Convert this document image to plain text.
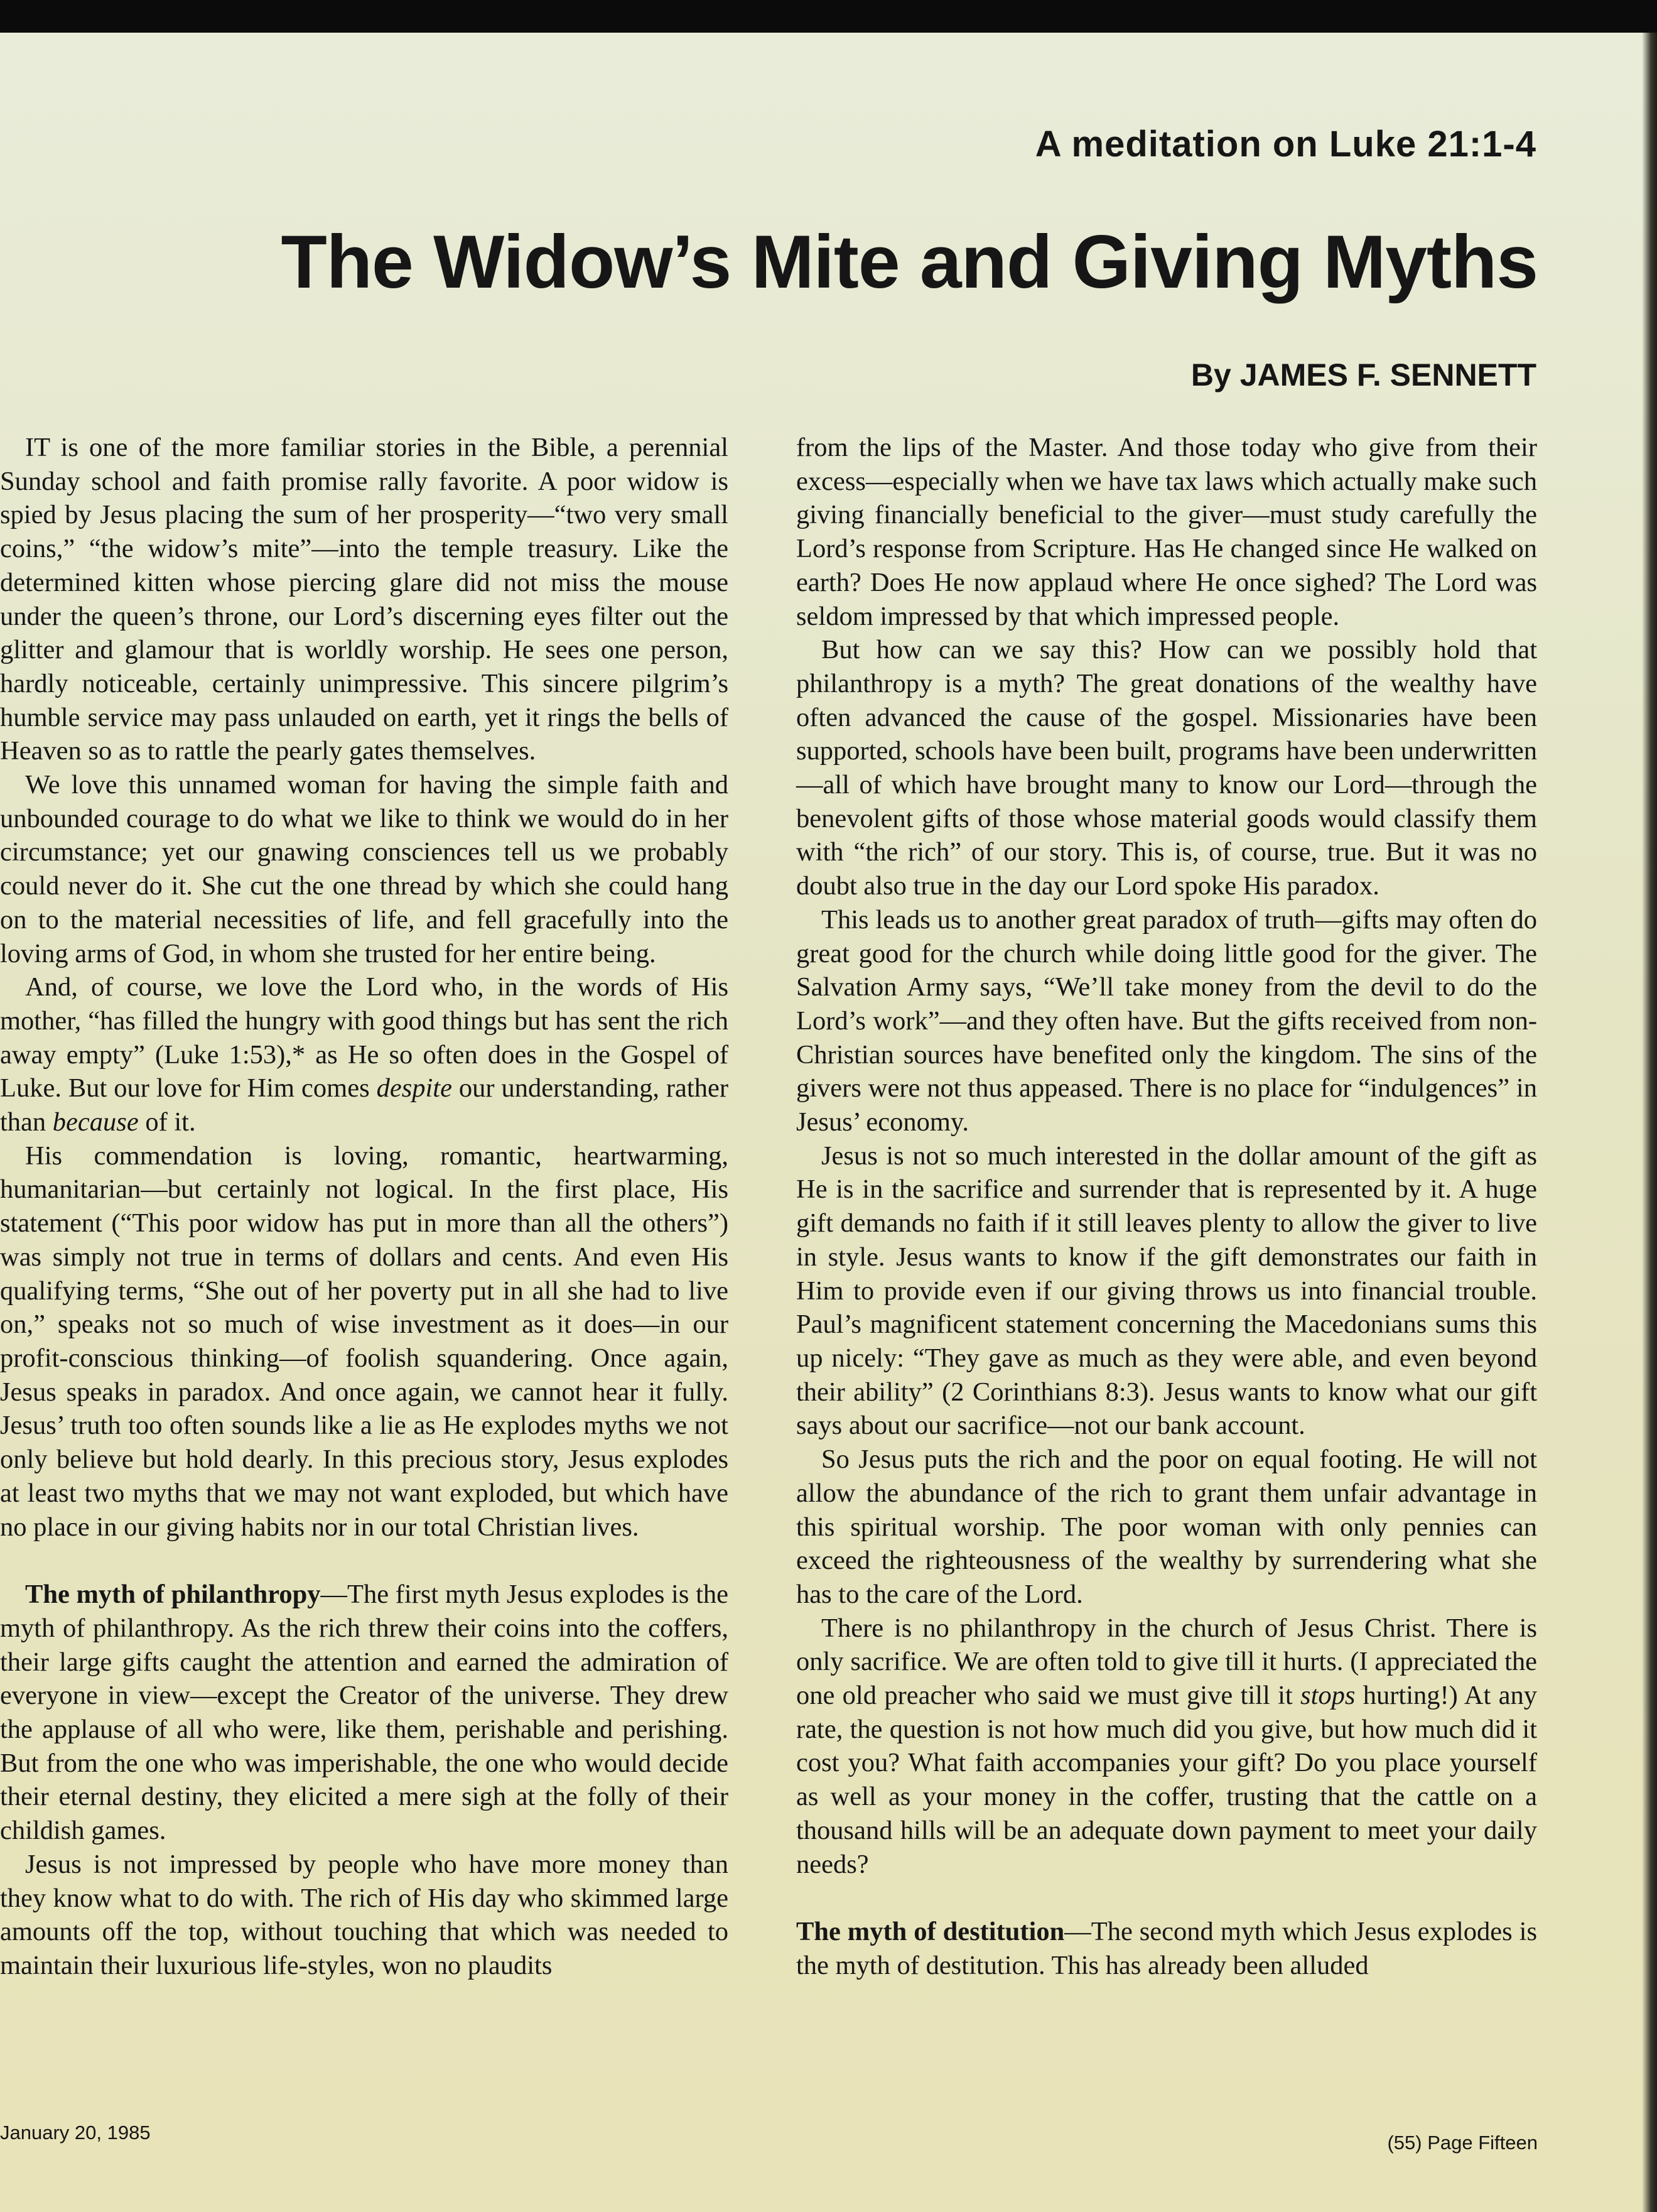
A meditation on Luke 21:1-4
The Widow’s Mite and Giving Myths
By JAMES F. SENNETT

IT is one of the more familiar stories in the Bible, a perennial Sunday school and faith promise rally favorite. A poor widow is spied by Jesus placing the sum of her prosperity—“two very small coins,” “the widow’s mite”—into the temple treasury. Like the determined kitten whose piercing glare did not miss the mouse under the queen’s throne, our Lord’s discerning eyes filter out the glitter and glamour that is worldly worship. He sees one person, hardly noticeable, certainly unimpressive. This sincere pilgrim’s humble service may pass unlauded on earth, yet it rings the bells of Heaven so as to rattle the pearly gates themselves.

We love this unnamed woman for having the simple faith and unbounded courage to do what we like to think we would do in her circumstance; yet our gnawing consciences tell us we probably could never do it. She cut the one thread by which she could hang on to the material necessities of life, and fell gracefully into the loving arms of God, in whom she trusted for her entire being.

And, of course, we love the Lord who, in the words of His mother, “has filled the hungry with good things but has sent the rich away empty” (Luke 1:53),* as He so often does in the Gospel of Luke. But our love for Him comes despite our understanding, rather than because of it.

His commendation is loving, romantic, heartwarming, humanitarian—but certainly not logical. In the first place, His statement (“This poor widow has put in more than all the others”) was simply not true in terms of dollars and cents. And even His qualifying terms, “She out of her poverty put in all she had to live on,” speaks not so much of wise investment as it does—in our profit-conscious thinking—of foolish squandering. Once again, Jesus speaks in paradox. And once again, we cannot hear it fully. Jesus’ truth too often sounds like a lie as He explodes myths we not only believe but hold dearly. In this precious story, Jesus explodes at least two myths that we may not want exploded, but which have no place in our giving habits nor in our total Christian lives.

The myth of philanthropy—The first myth Jesus explodes is the myth of philanthropy. As the rich threw their coins into the coffers, their large gifts caught the attention and earned the admiration of everyone in view—except the Creator of the universe. They drew the applause of all who were, like them, perishable and perishing. But from the one who was imperishable, the one who would decide their eternal destiny, they elicited a mere sigh at the folly of their childish games.

Jesus is not impressed by people who have more money than they know what to do with. The rich of His day who skimmed large amounts off the top, without touching that which was needed to maintain their luxurious life-styles, won no plaudits

from the lips of the Master. And those today who give from their excess—especially when we have tax laws which actually make such giving financially beneficial to the giver—must study carefully the Lord’s response from Scripture. Has He changed since He walked on earth? Does He now applaud where He once sighed? The Lord was seldom impressed by that which impressed people.

But how can we say this? How can we possibly hold that philanthropy is a myth? The great donations of the wealthy have often advanced the cause of the gospel. Missionaries have been supported, schools have been built, programs have been underwritten—all of which have brought many to know our Lord—through the benevolent gifts of those whose material goods would classify them with “the rich” of our story. This is, of course, true. But it was no doubt also true in the day our Lord spoke His paradox.

This leads us to another great paradox of truth—gifts may often do great good for the church while doing little good for the giver. The Salvation Army says, “We’ll take money from the devil to do the Lord’s work”—and they often have. But the gifts received from non-Christian sources have benefited only the kingdom. The sins of the givers were not thus appeased. There is no place for “indulgences” in Jesus’ economy.

Jesus is not so much interested in the dollar amount of the gift as He is in the sacrifice and surrender that is represented by it. A huge gift demands no faith if it still leaves plenty to allow the giver to live in style. Jesus wants to know if the gift demonstrates our faith in Him to provide even if our giving throws us into financial trouble. Paul’s magnificent statement concerning the Macedonians sums this up nicely: “They gave as much as they were able, and even beyond their ability” (2 Corinthians 8:3). Jesus wants to know what our gift says about our sacrifice—not our bank account.

So Jesus puts the rich and the poor on equal footing. He will not allow the abundance of the rich to grant them unfair advantage in this spiritual worship. The poor woman with only pennies can exceed the righteousness of the wealthy by surrendering what she has to the care of the Lord.

There is no philanthropy in the church of Jesus Christ. There is only sacrifice. We are often told to give till it hurts. (I appreciated the one old preacher who said we must give till it stops hurting!) At any rate, the question is not how much did you give, but how much did it cost you? What faith accompanies your gift? Do you place yourself as well as your money in the coffer, trusting that the cattle on a thousand hills will be an adequate down payment to meet your daily needs?

The myth of destitution—The second myth which Jesus explodes is the myth of destitution. This has already been alluded

January 20, 1985	(55) Page Fifteen
